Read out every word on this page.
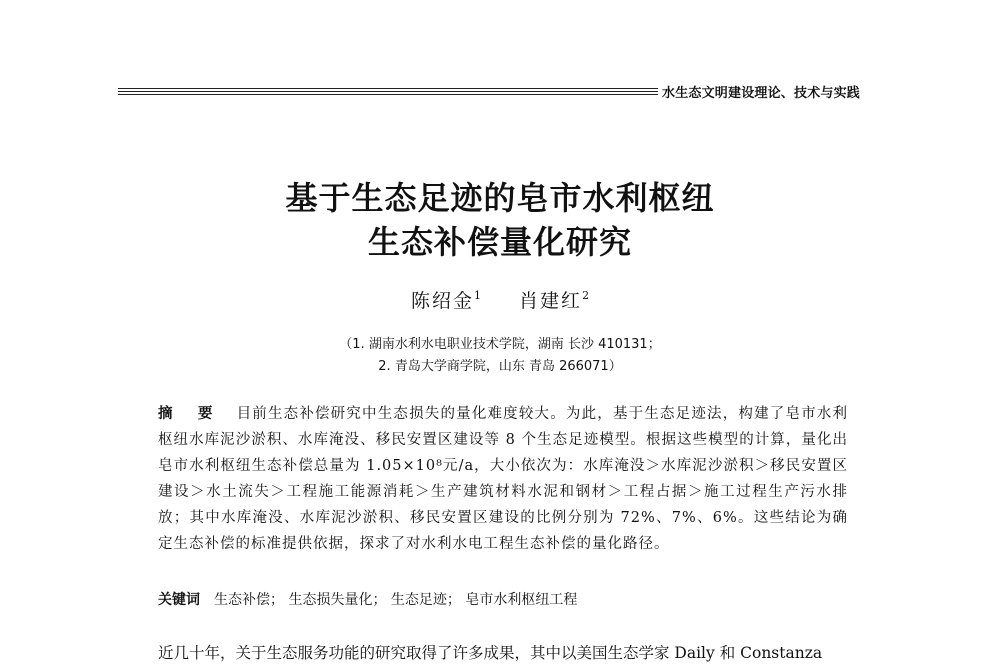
水生态文明建设理论、技术与实践
基于生态足迹的皂市水利枢纽
生态补偿量化研究
陈绍金$^1$ 肖建红$^2$
（1. 湖南水利水电职业技术学院，湖南 长沙 410131；
2. 青岛大学商学院，山东 青岛 266071）
摘 要 目前生态补偿研究中生态损失的量化难度较大。为此，基于生态足迹法，构建了皂市水利枢纽水库泥沙淤积、水库淹没、移民安置区建设等 8 个生态足迹模型。根据这些模型的计算，量化出皂市水利枢纽生态补偿总量为 1.05×10⁸元/a，大小依次为：水库淹没＞水库泥沙淤积＞移民安置区建设＞水土流失＞工程施工能源消耗＞生产建筑材料水泥和钢材＞工程占据＞施工过程生产污水排放；其中水库淹没、水库泥沙淤积、移民安置区建设的比例分别为 72%、7%、6%。这些结论为确定生态补偿的标准提供依据，探求了对水利水电工程生态补偿的量化路径。
关键词 生态补偿； 生态损失量化； 生态足迹； 皂市水利枢纽工程
近几十年，关于生态服务功能的研究取得了许多成果，其中以美国生态学家 Daily 和 Constanza
